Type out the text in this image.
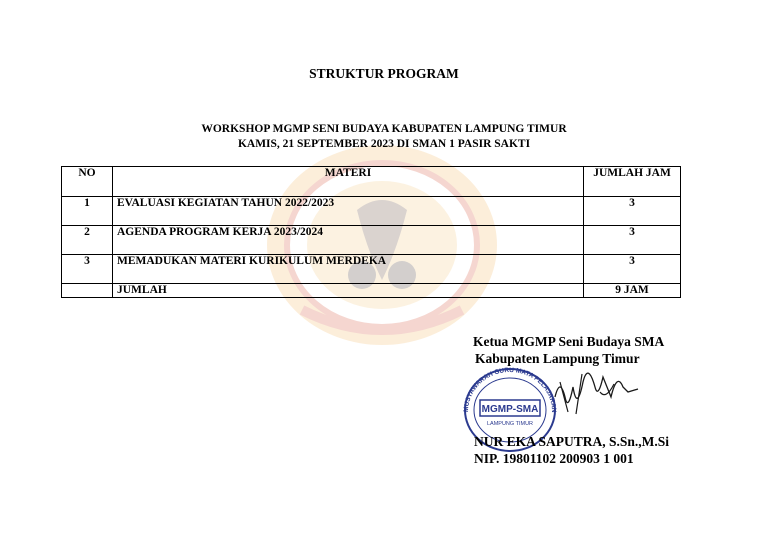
STRUKTUR PROGRAM
WORKSHOP MGMP SENI BUDAYA KABUPATEN LAMPUNG TIMUR
KAMIS, 21 SEPTEMBER 2023 DI SMAN 1 PASIR SAKTI
NO	MATERI	JUMLAH JAM
1	EVALUASI KEGIATAN TAHUN 2022/2023	3
2	AGENDA PROGRAM KERJA 2023/2024	3
3	MEMADUKAN MATERI KURIKULUM MERDEKA	3
	JUMLAH	9 JAM
Ketua MGMP Seni Budaya SMA
Kabupaten Lampung Timur
MUSYAWARAH GURU MATA PELAJARAN
MGMP-SMA
LAMPUNG TIMUR
NUR EKA SAPUTRA, S.Sn.,M.Si
NIP. 19801102 200903 1 001
